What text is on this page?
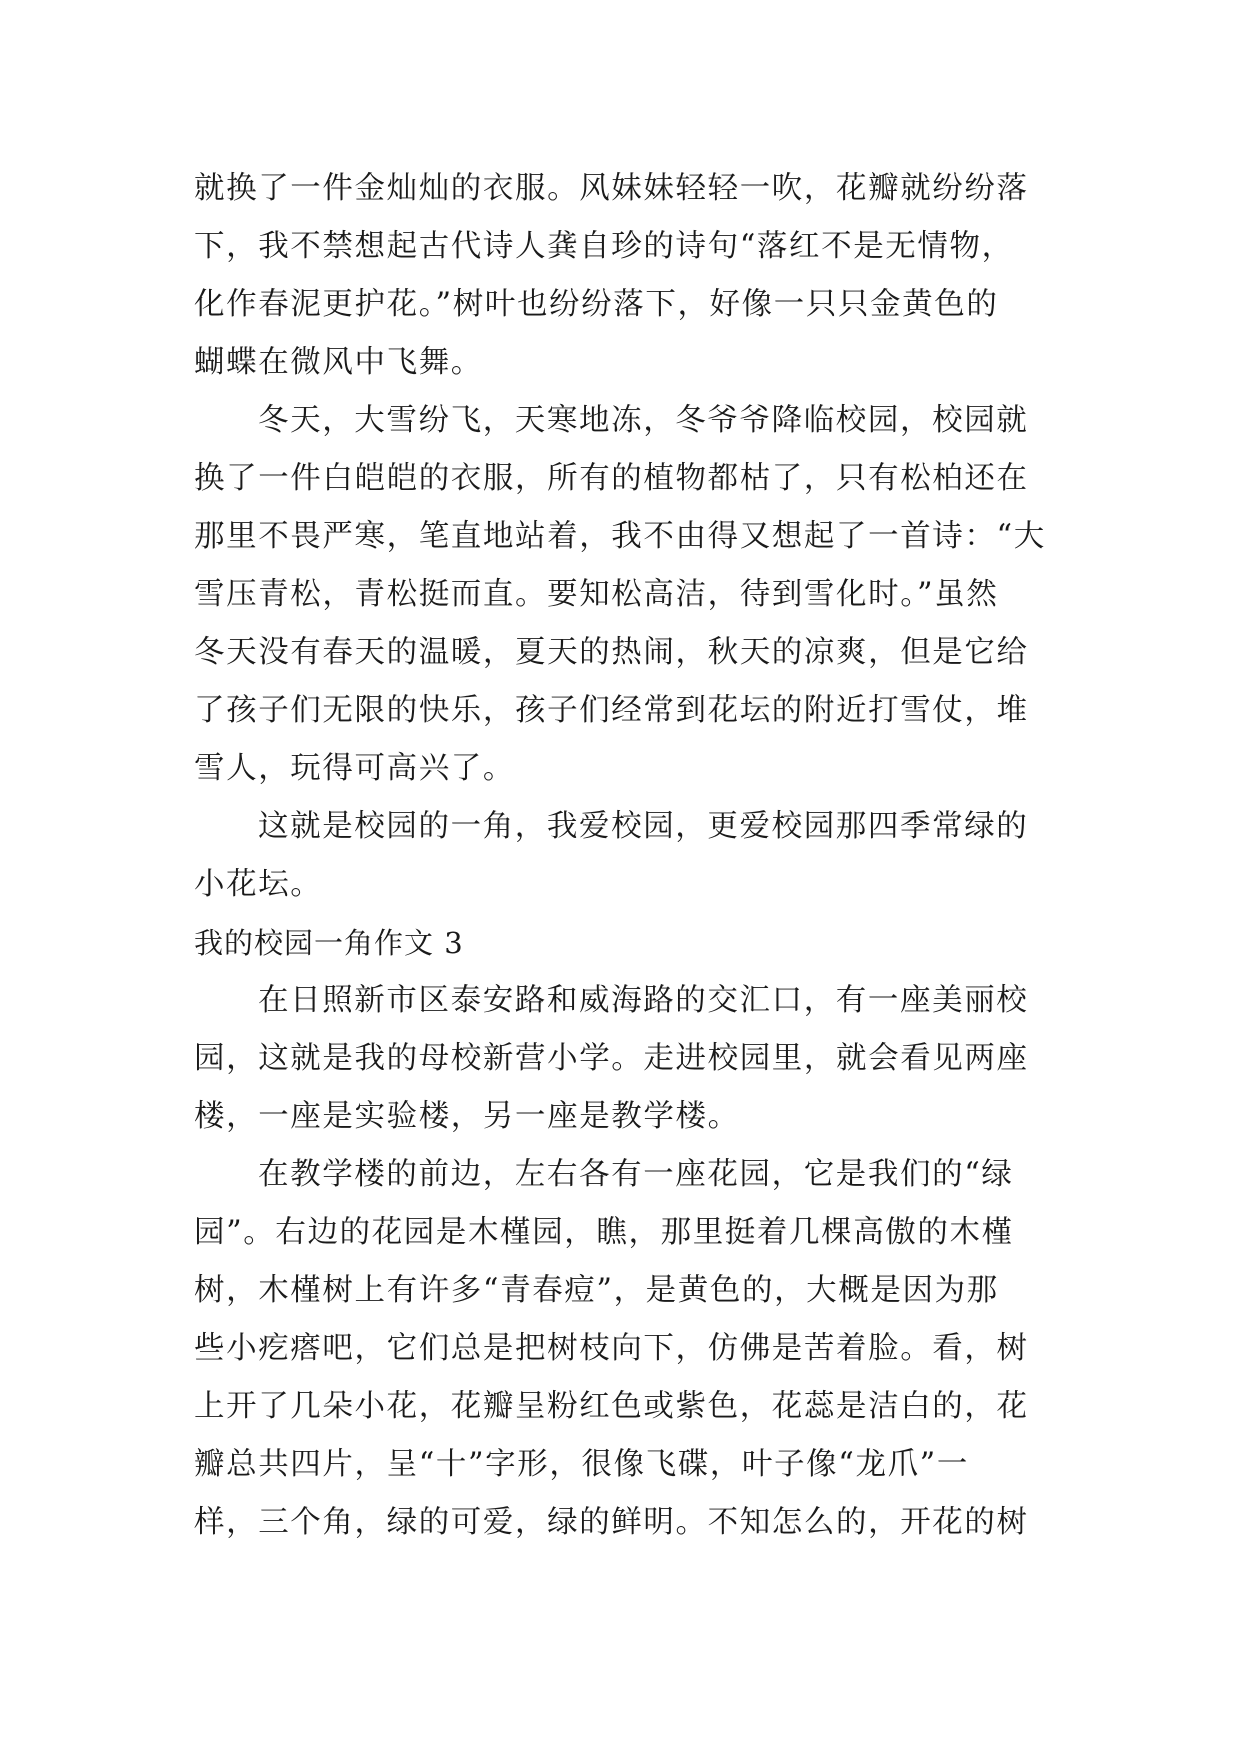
就换了一件金灿灿的衣服。风妹妹轻轻一吹，花瓣就纷纷落
下，我不禁想起古代诗人龚自珍的诗句“落红不是无情物，
化作春泥更护花。”树叶也纷纷落下，好像一只只金黄色的
蝴蝶在微风中飞舞。
冬天，大雪纷飞，天寒地冻，冬爷爷降临校园，校园就
换了一件白皑皑的衣服，所有的植物都枯了，只有松柏还在
那里不畏严寒，笔直地站着，我不由得又想起了一首诗：“大
雪压青松，青松挺而直。要知松高洁，待到雪化时。”虽然
冬天没有春天的温暖，夏天的热闹，秋天的凉爽，但是它给
了孩子们无限的快乐，孩子们经常到花坛的附近打雪仗，堆
雪人，玩得可高兴了。
这就是校园的一角，我爱校园，更爱校园那四季常绿的
小花坛。
我的校园一角作文 3
在日照新市区泰安路和威海路的交汇口，有一座美丽校
园，这就是我的母校新营小学。走进校园里，就会看见两座
楼，一座是实验楼，另一座是教学楼。
在教学楼的前边，左右各有一座花园，它是我们的“绿
园”。右边的花园是木槿园，瞧，那里挺着几棵高傲的木槿
树，木槿树上有许多“青春痘”，是黄色的，大概是因为那
些小疙瘩吧，它们总是把树枝向下，仿佛是苦着脸。看，树
上开了几朵小花，花瓣呈粉红色或紫色，花蕊是洁白的，花
瓣总共四片，呈“十”字形，很像飞碟，叶子像“龙爪”一
样，三个角，绿的可爱，绿的鲜明。不知怎么的，开花的树
